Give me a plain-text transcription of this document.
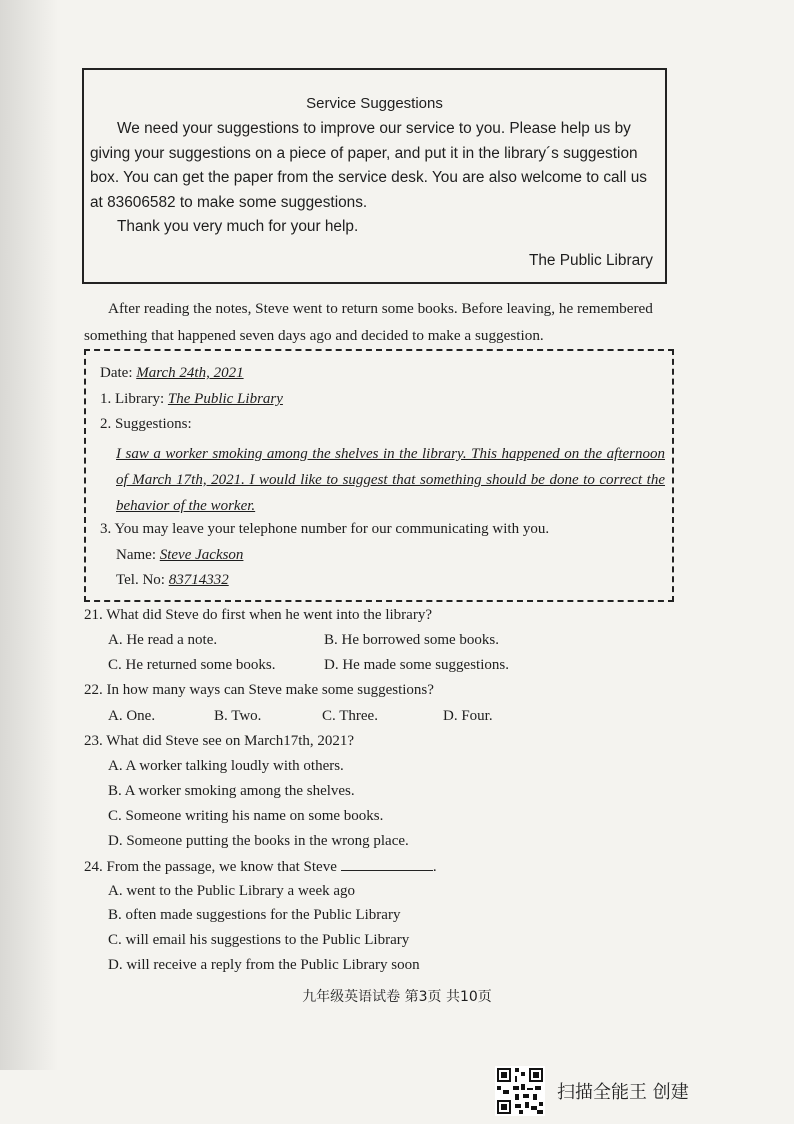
Service Suggestions
We need your suggestions to improve our service to you. Please help us by giving your suggestions on a piece of paper, and put it in the library´s suggestion box. You can get the paper from the service desk. You are also welcome to call us at 83606582 to make some suggestions.
Thank you very much for your help.
The Public Library
After reading the notes, Steve went to return some books. Before leaving, he remembered something that happened seven days ago and decided to make a suggestion.
Date: March 24th, 2021
1. Library: The Public Library
2. Suggestions:
I saw a worker smoking among the shelves in the library. This happened on the afternoon of March 17th, 2021. I would like to suggest that something should be done to correct the behavior of the worker.
3. You may leave your telephone number for our communicating with you.
Name: Steve Jackson
Tel. No: 83714332
21. What did Steve do first when he went into the library?
A. He read a note.	B. He borrowed some books.
C. He returned some books.	D. He made some suggestions.
22. In how many ways can Steve make some suggestions?
A. One.	B. Two.	C. Three.	D. Four.
23. What did Steve see on March17th, 2021?
A. A worker talking loudly with others.
B. A worker smoking among the shelves.
C. Someone writing his name on some books.
D. Someone putting the books in the wrong place.
24. From the passage, we know that Steve	.
A. went to the Public Library a week ago
B. often made suggestions for the Public Library
C. will email his suggestions to the Public Library
D. will receive a reply from the Public Library soon
九年级英语试卷 第3页 共10页
扫描全能王 创建
